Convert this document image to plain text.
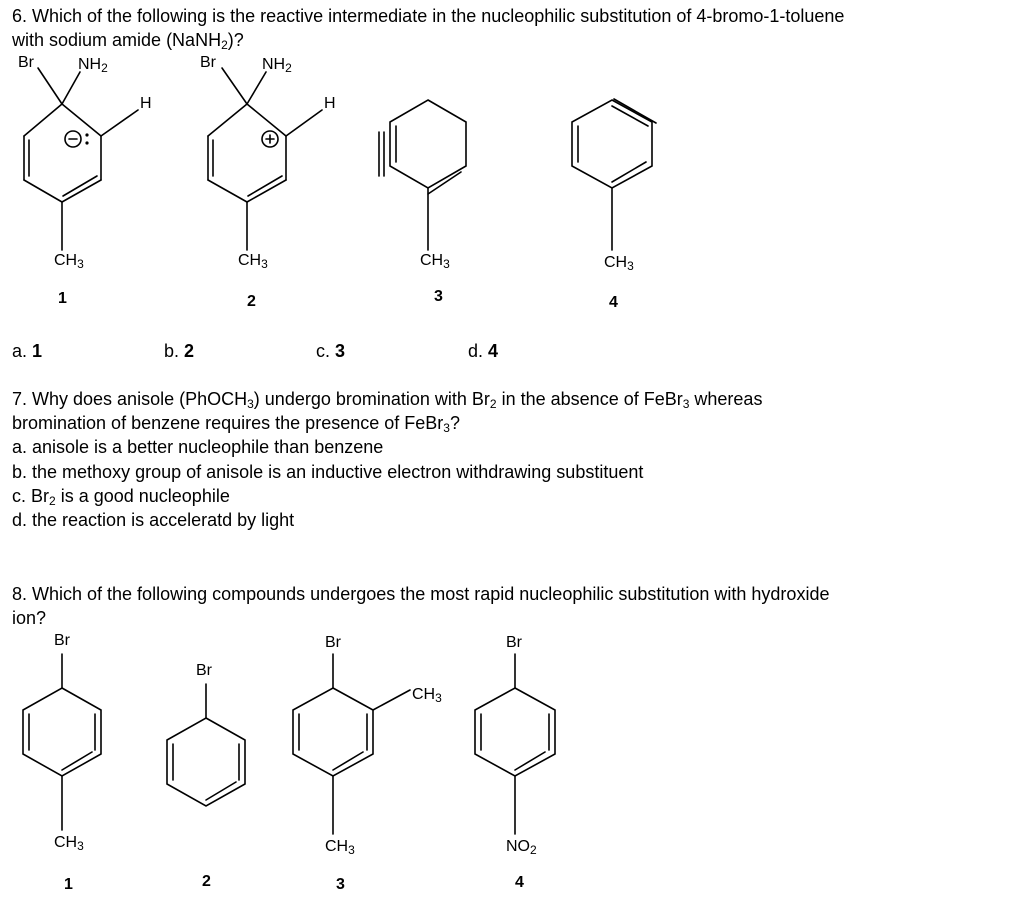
6. Which of the following is the reactive intermediate in the nucleophilic substitution of 4-bromo-1-toluene
with sodium amide (NaNH$_2$)?
Br	$NH_2$
H
$CH_3$
1
Br	$NH_2$
H
$CH_3$
2
$CH_3$
3
$CH_3$
4
a. 1	b. 2	c. 3	d. 4
7. Why does anisole (PhOCH$_3$) undergo bromination with $Br_2$ in the absence of FeBr$_3$ whereas
bromination of benzene requires the presence of FeBr$_3$?
a. anisole is a better nucleophile than benzene
b. the methoxy group of anisole is an inductive electron withdrawing substituent
c. $Br_2$ is a good nucleophile
d. the reaction is acceleratd by light
8. Which of the following compounds undergoes the most rapid nucleophilic substitution with hydroxide
ion?
Br
$CH_3$
1
Br
2
Br
$CH_3$
$CH_3$
3
Br
$NO_2$
4
